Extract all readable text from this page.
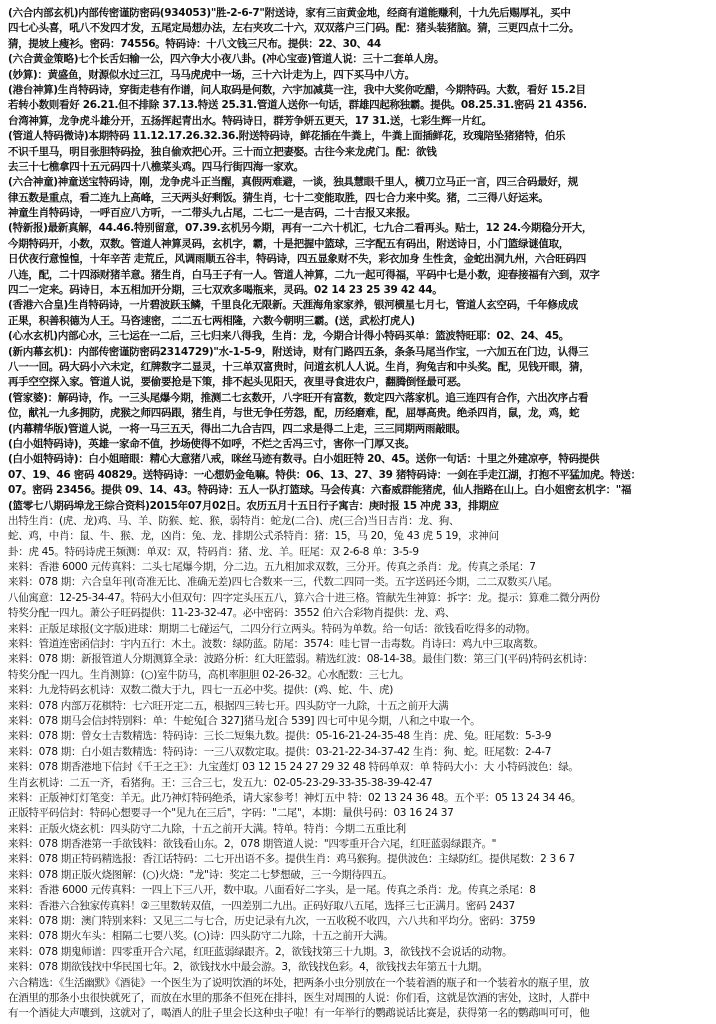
(六合内部玄机)内部传密谨防密码(934053)"胜-2-6-7"附送诗，家有三亩黄金地，经商有道能赚利，十九先后赐厚礼，买中
四七心头喜，吼八不发四才发，五尾定局想办法，左右夹攻二十六，双双落户三门码。配：猪头装猪脑。猜，三更四点十二分。
猜，提坡上瘦衫。密码：74556。特码诗：十八文钱三尺布。提供：22、30、44
(六合黄金策略)七个长舌妇输一公，四六争大小夜八卦。(冲心宝壶)管道人说：三十二套单人房。
(妙算)：黄盛鱼，财源似水过三江，马马虎虎中一场，三十六计走为上，四下买马中八方。
(港台神算)生肖特码诗，穿街走巷有作谱，问人取码是何数，六宇加减莫一注，我中大奖你吃醋，今期特码。大数，看好 15.2目
若转小数则看好 26.21.但不排除 37.13.特送 25.31.管道人送你一句话，群雄四起称独霸。提供。08.25.31.密码 21 4356.
台湾神算，龙争虎斗雄分开，五扬挥起青出水。特码诗日，群芳争妍五更天，17 31.送，七彩生辉一片红。
(管道人特码微诗)本期特码 11.12.17.26.32.36.附送特码诗，鲜花插在牛粪上，牛粪上面插鲜花，玫瑰陪坠猪猪特，伯乐
不识千里马，明目张胆特码捡，独自偷欢把心开。三十而立把妻娶。古往今来龙虎门。配：欲钱
去三十七樵拿四十五元码四十八樵菜头鸡。四马行街四海一家欢。
(六合神童)神童送宝特码诗，刚，龙争虎斗正当醒，真假两难避，一谈，独具慧眼千里人，横刀立马正一言，四三合码最好，规
律五数是重点，看二连九上高峰，三天两头好剩饭。猜生肖，七十二变能取胜，四七合力来中奖。猪，二三得八好运来。
神童生肖特码诗，一呼百应八方听，一二带头九占尾，二七二一是吉码，二十吉报又来报。
(特新报)最新真解，44.46.特别留意，07.39.玄机另今期，再有一二六十机汇，七九合二看再头。贴士，12 24.今期稳分开大，
今期特码开，小数，双数。管道人神算灵码，玄机字，霸，十是把握中篮球，三字配五有码出，附送诗日，小门篮绿谜值取，
日伏夜行意惶惶，十年辛苦 走荒丘，风调雨顺五谷丰，特码诗，四五显象财不失，彩衣加身 生性贪，金蛇出洞九州，六合旺码四
八连，配，二十四添财猪羊意。猪生肖，白马王子有一人。管道人神算，二九一起可得福，平码中七是小数，迎春接福有六到，双字
四二一定来。码诗日，本五相加开分期，三七双欢多喝瓶来，灵码。02 14 23 25 39 42 44。
(香港六合皇)生肖特码诗，一片碧波跃玉鳞，千里良化无限新。天涯海角家家养，银河横星七月七，管道人玄空码，千年修成成
正果，积善积德为人王。马咨速密，二二五七两相隆，六数今朝明三霸。(送，武松打虎人)
(心水玄机)内部心水，三七运在一二后，三七归来八得我，生肖：龙，今期合计得小特码买单：篮波特旺耶：02、24、45。
(新内幕玄机)：内部传密谨防密码2314729)"水-1-5-9，附送诗，财有门路四五条，条条马尾当作宝，一六加五在门边，认得三
八一一回。码大码小六未定，红牌数字二显灵，十三单双富贵时，问道玄机人人说。生肖，狗兔吉和中头奖。配，见钱开眼，猜，
再手空空探入家。管道人说，要偷要抢是下策，排不起头见阳天，夜里寻食进农户，翻腾倒怪最可恶。
(管家婆)：解码诗，作。一三头尾爆今期，推测二七玄数开，八字旺开有富数，数定四六落家机。追三连四有合作，六出次序占看
位，献礼一九多拥防，虎猴之师四码跟，猪生肖，与世无争任劳怨，配，历经磨难，配，屈辱高贵。绝杀四肖，鼠，龙，鸡，蛇
(内幕精华版)管道人说，一将一马三五天，得出二九合吉四，四二求是得二上走，三三同期两雨敲眼。
(白小姐特码诗)，英雄一家命不值，抄场使得不如呼，不烂之舌冯三寸，害你一门厚又丧。
(白小姐特码诗)：白小姐暗眼：精心大意猪八戒，咪丝马迹有数寻。白小姐旺特 20、45。送你一句话：十里之外建凉亭，特码提供
07、19、46 密码 40829。送特码诗：一心想奶金龟嘛。特供：06、13、27、39 猪特码诗：一剑在手走江湖，打抱不平猛加虎。特送：
07。密码 23456。提供 09、14、43。特码诗：五人一队打篮球。马会传真：六畜威群能猪虎，仙人指路在山上。白小姐密玄机字："福
(篮零七八期码埠龙王综合资料)2015年07月02日。农历五月十五日行子寓吉：庚时报 15 冲虎 33，排期应
出特生肖：(虎、龙)鸡、马、羊、防猴、蛇、猴，弱特肖：蛇龙(二合)、虎(三合)当日吉肖：龙、狗、
蛇、鸡，中肖：鼠、牛、猴、龙，凶肖：兔、龙、排期公式杀特肖：猪：15，马 20，兔 43 虎 5 19，求神问
卦：虎 45。特码诗虎王频测：单双：双，特码肖：猪、龙、羊。旺尾：双 2-6-8 单：3-5-9
来料：香港 6000 元传真料：二头七尾爆今期，分二边。五九相加求双数，三分开。传真之杀肖：龙。传真之杀尾：7
来料：078 期：六合皇年刊(奇准无比、准确无差)四七合数来一三，代数二四同一类。五字送码还今期，二二双数买八尾。
八仙寓意：12-25-34-47。特码大小但双句：四字定头压五八，算六合十进三格。管献先生神算：拆字：龙。提示：算难二微分两份
特奖分配一四九。萧公子旺码提供：11-23-32-47。必中密码：3552 伯六合彩物肖提供：龙、鸡、
来料：正版足球报(文字版)进球：期期二七碰运气，二四分行立两头。特码为单数。给一句话：欲钱看吃得多的动物。
来料：管道连密函信封：宇内五行：木土。波数：绿防蓝。防尾：3574：哇七冒一击毒数。肖诗曰：鸡九中三取离数。
来料：078 期：新报管道人分期测算全录：波路分析：红大旺篮弱。精选红波：08-14-38。最佳门数：第三门(平码)特码玄机诗：
特奖分配一四九。生肖测算：(○)室牛防马，高机率胆胆 02-26-32。心水配数：三七九。
来料：九龙特码玄机诗：双数二微大于九，四七一五必中奖。提供：(鸡、蛇、牛、虎)
来料：078 内部万花棋特：七六旺开定二五，根据四三转七开。四头防守一九除，十五之前开大满
来料：078 期马会信封特别料：单：牛蛇兔[合 327]猪马龙[合 539] 四七可中见今期，八和之中取一个。
来料：078 期：曾女士吉数精选：特码诗：三长二短集九数。提供：05-16-21-24-35-48 生肖：虎、兔。旺尾数：5-3-9
来料：078 期：白小姐吉数精选：特码诗：一三八双数定取。提供：03-21-22-34-37-42 生肖：狗、蛇。旺尾数：2-4-7
来料：078 期香港地下信封《千王之王》：九宝莲灯 03 12 15 24 27 29 32 48 特码单双：单 特码大小：大 小特码波色：绿。
生肖玄机诗：二五一齐，看猪狗。王：三合三七，发五九：02-05-23-29-33-35-38-39-42-47
来料：正版神灯灯笔变：羊无。此乃神灯特码绝杀，请大家参考！神灯五中 特：02 13 24 36 48。五个平：05 13 24 34 46。
正版特平码信封：特码心想要寻一个"见九在三后"，字码："二尾"，本期：量供号码：03 16 24 37
来料：正版火烧玄机：四头防守二九除，十五之前开大满。特单。特肖：今期二五重比利
来料：078 期香港第一手欲钱料：欲钱看山东。2，078 期管道人说："四零重开合六尾，红旺蓝弱绿跟齐。"
来料：078 期正特码精选报：香江话特码：二七开出语不多。提供生肖：鸡马猴狗。提供波色：主绿防红。提供尾数：2 3 6 7
来料：078 期正版火烧图解：(○)火烧："龙"诗：奖定二七梦想破，三一今期待四五。
来料：香港 6000 元传真料：一四上下三八开，数中取。八面看好二字头，是一尾。传真之杀肖：龙。传真之杀尾：8
来料：香港六合独家传真料！②三里数转双值，一四差别二九出。正码好取八五尾，选择三七正满月。密码 2437
来料：078 期：澳门特别来料：又见三二与七合，历史记录有九次，一五收税不收四，六八共和平均分。密码：3759
来料：078 期火车头：相隔二七要八奖。(○)诗：四头防守二九除，十五之前开大满。
来料：078 期鬼师谱：四零重开合六尾，红旺蓝弱绿跟齐。2，欲钱找第三十九期。3，欲钱找不会说话的动物。
来料：078 期欲钱找中华民国七年。2，欲钱找水中最会游。3，欲钱找色彩。4，欲钱找去年第五十九期。
六合精选：《生活幽默》《酒徒》一个医生为了说明饮酒的坏处，把两条小虫分别放在一个装着酒的瓶子和一个装着水的瓶子里，放
在酒里的那条小虫很快就死了，而放在水里的那条不但死在排抖，医生对周围的人说：你们看，这就是饮酒的害处，这时，人群中
有一个酒徒大声嚷到，这就对了，喝酒人的肚子里会长这种虫子啦！有一年举行的鹦鹉说话比赛是，获得第一名的鹦鹉叫可可，他
